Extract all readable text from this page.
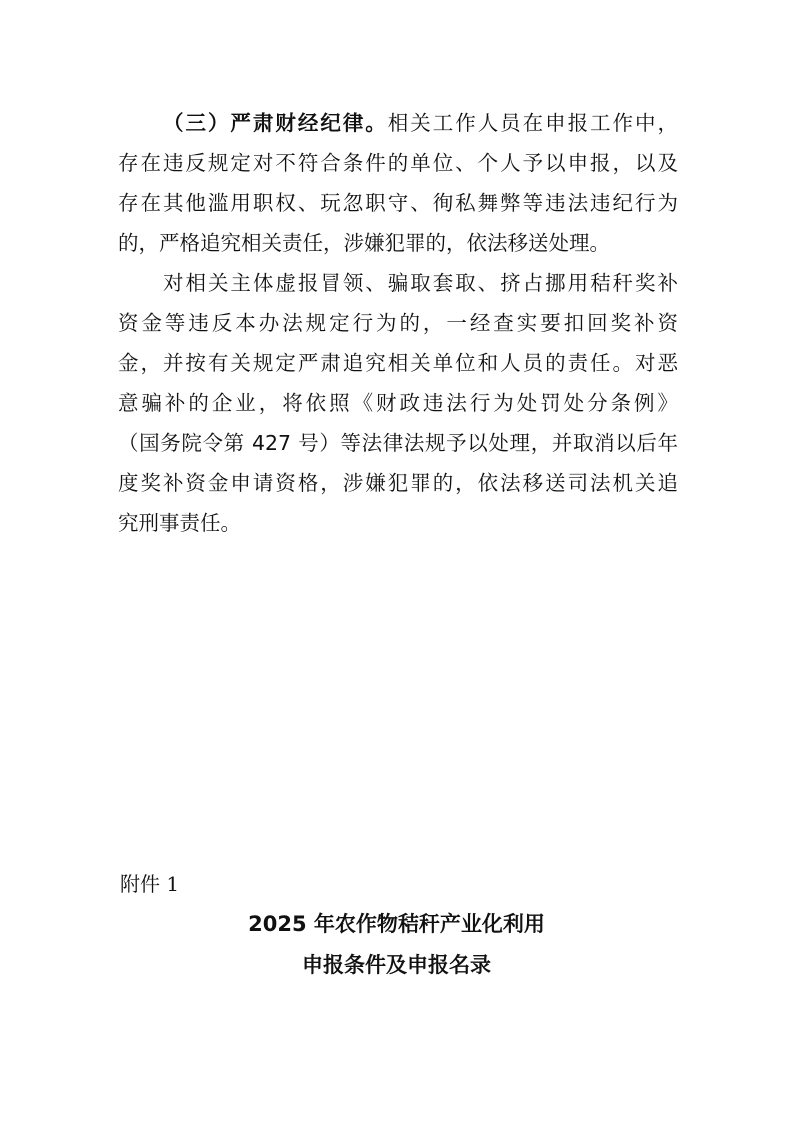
（三）严肃财经纪律。相关工作人员在申报工作中，
存在违反规定对不符合条件的单位、个人予以申报，以及
存在其他滥用职权、玩忽职守、徇私舞弊等违法违纪行为
的，严格追究相关责任，涉嫌犯罪的，依法移送处理。
对相关主体虚报冒领、骗取套取、挤占挪用秸秆奖补
资金等违反本办法规定行为的，一经查实要扣回奖补资
金，并按有关规定严肃追究相关单位和人员的责任。对恶
意骗补的企业，将依照《财政违法行为处罚处分条例》
（国务院令第 427 号）等法律法规予以处理，并取消以后年
度奖补资金申请资格，涉嫌犯罪的，依法移送司法机关追
究刑事责任。
附件 1
2025 年农作物秸秆产业化利用
申报条件及申报名录
